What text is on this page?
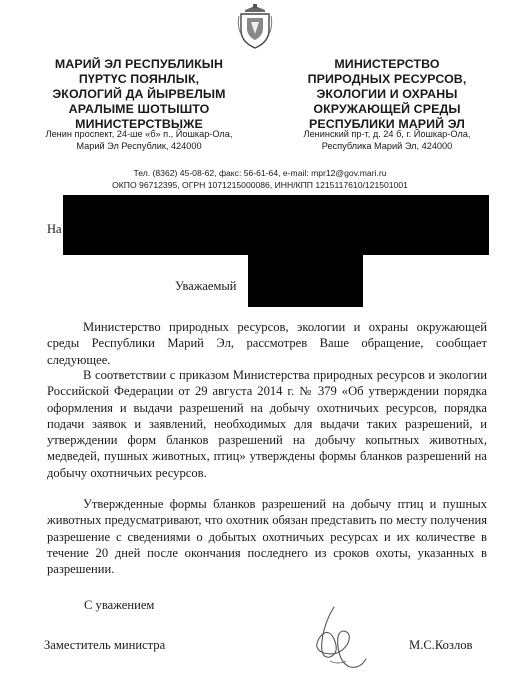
МАРИЙ ЭЛ РЕСПУБЛИКЫН
ПҮРТҮС ПОЯНЛЫК,
ЭКОЛОГИЙ ДА ЙЫРВЕЛЫМ
АРАЛЫМЕ ШОТЫШТО
МИНИСТЕРСТВЫЖЕ
МИНИСТЕРСТВО
ПРИРОДНЫХ РЕСУРСОВ,
ЭКОЛОГИИ И ОХРАНЫ
ОКРУЖАЮЩЕЙ СРЕДЫ
РЕСПУБЛИКИ МАРИЙ ЭЛ
Ленин проспект, 24-ше «б» п., Йошкар-Ола,
Марий Эл Республик, 424000
Ленинский пр-т, д. 24 б, г. Йошкар-Ола,
Республика Марий Эл, 424000
Тел. (8362) 45-08-62, факс: 56-61-64, e-mail: mpr12@gov.mari.ru
ОКПО 96712395, ОГРН 1071215000086, ИНН/КПП 1215117610/121501001
На
Уважаемый

Министерство природных ресурсов, экологии и охраны окружающей среды Республики Марий Эл, рассмотрев Ваше обращение, сообщает следующее.

В соответствии с приказом Министерства природных ресурсов и экологии Российской Федерации от 29 августа 2014 г. № 379 «Об утверждении порядка оформления и выдачи разрешений на добычу охотничьих ресурсов, порядка подачи заявок и заявлений, необходимых для выдачи таких разрешений, и утверждении форм бланков разрешений на добычу копытных животных, медведей, пушных животных, птиц» утверждены формы бланков разрешений на добычу охотничьих ресурсов.

Утвержденные формы бланков разрешений на добычу птиц и пушных животных предусматривают, что охотник обязан представить по месту получения разрешение с сведениями о добытых охотничьих ресурсах и их количестве в течение 20 дней после окончания последнего из сроков охоты, указанных в разрешении.

С уважением
Заместитель министра	М.С.Козлов
